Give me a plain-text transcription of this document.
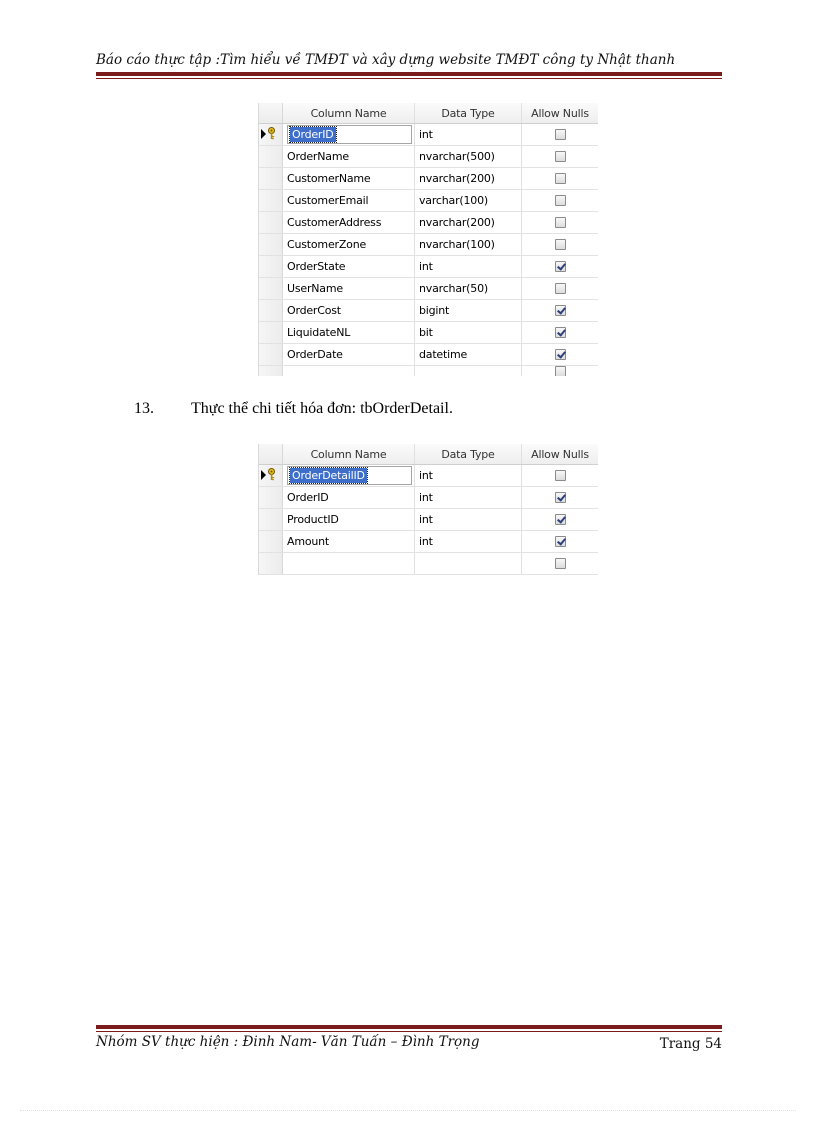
Báo cáo thực tập :Tìm hiểu về TMĐT và xây dựng website TMĐT công ty Nhật thanh
Column Name	Data Type	Allow Nulls
OrderID	int
OrderName	nvarchar(500)
CustomerName	nvarchar(200)
CustomerEmail	varchar(100)
CustomerAddress	nvarchar(200)
CustomerZone	nvarchar(100)
OrderState	int
UserName	nvarchar(50)
OrderCost	bigint
LiquidateNL	bit
OrderDate	datetime
13. Thực thể chi tiết hóa đơn: tbOrderDetail.
Column Name	Data Type	Allow Nulls
OrderDetailID	int
OrderID	int
ProductID	int
Amount	int
Nhóm SV thực hiện : Đinh Nam- Văn Tuấn – Đình Trọng	Trang 54
